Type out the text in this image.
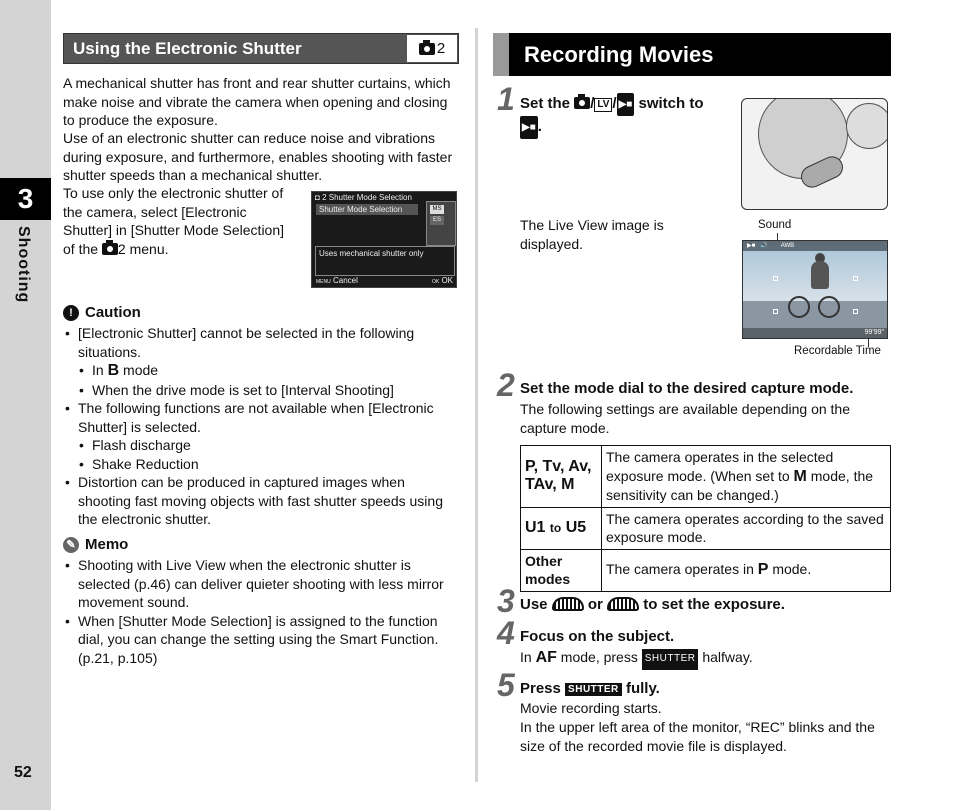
3
Shooting
52
Using the Electronic Shutter	2
A mechanical shutter has front and rear shutter curtains, which make noise and vibrate the camera when opening and closing to produce the exposure.
Use of an electronic shutter can reduce noise and vibrations during exposure, and furthermore, enables shooting with faster shutter speeds than a mechanical shutter.
To use only the electronic shutter of the camera, select [Electronic Shutter] in [Shutter Mode Selection] of the 2 menu.
◘ 2 Shutter Mode Selection
Shutter Mode Selection	MS
ES
Uses mechanical shutter only
MENU Cancel	OK OK
! Caution
• [Electronic Shutter] cannot be selected in the following situations.
• In B mode
• When the drive mode is set to [Interval Shooting]
• The following functions are not available when [Electronic Shutter] is selected.
• Flash discharge
• Shake Reduction
• Distortion can be produced in captured images when shooting fast moving objects with fast shutter speeds using the electronic shutter.
✎ Memo
• Shooting with Live View when the electronic shutter is selected (p.46) can deliver quieter shooting with less mirror movement sound.
• When [Shutter Mode Selection] is assigned to the function dial, you can change the setting using the Smart Function. (p.21, p.105)
Recording Movies
1 Set the / LV / ▶■ switch to
▶■ .
The Live View image is displayed.
Sound
▶■   🔊        AWB
99'99"
Recordable Time
2 Set the mode dial to the desired capture mode.
The following settings are available depending on the capture mode.
P, Tv, Av, TAv, M	The camera operates in the selected exposure mode. (When set to M mode, the sensitivity can be changed.)
U1 to U5	The camera operates according to the saved exposure mode.
Other modes	The camera operates in P mode.
3 Use	or	to set the exposure.
4 Focus on the subject.
In AF mode, press SHUTTER halfway.
5 Press SHUTTER fully.
Movie recording starts.
In the upper left area of the monitor, “REC” blinks and the size of the recorded movie file is displayed.
